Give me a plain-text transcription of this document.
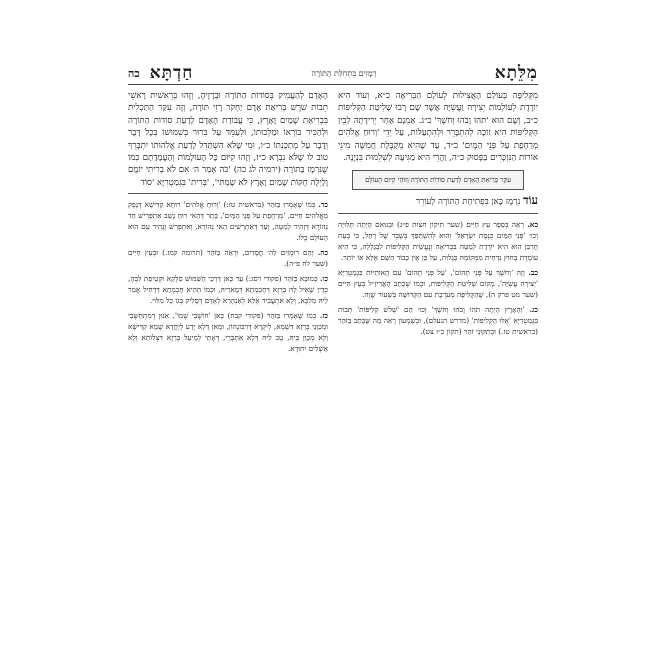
מִלֵּתָא
רְמָזִים בִּתְחִלַּת הַתּוֹרָה
חַדְתָּא
כה

מִקְּלִיפָּה בְּעוֹלַם הָאֲצִילוּת לְעוֹלַם הַבְּרִיאָה כ״א, וְעוֹד הִיא יוֹרֶדֶת לְעוֹלְמוֹת יְצִירָה וַעֲשִׂיָּה אֲשֶׁר שָׁם רָבוּ שְׁלִיטַת הַקְּלִיפּוֹת כ״ב, וְשָׁם הוּא 'תֹהוּ וָבֹהוּ וְחֹשֶׁךְ' כ״ג. אַמְנָם אַחַר יְרִידָתָהּ לְבֵין הַקְּלִיפּוֹת הִיא זוֹכָה לְהִתְבָּרֵר וּלְהִתְעַלּוֹת, עַל יְדֵי 'וְרוּחַ אֱלֹהִים מְרַחֶפֶת עַל פְּנֵי הַמָּיִם' כ״ד, עַד שֶׁהִיא מְקַבֶּלֶת חֲמִשָּׁה מִינֵי אוֹרוֹת הַנִּזְכָּרִים בַּפָּסוּק כ״ה, וַהֲרֵי הִיא מַגִּיעָה לְשְׁלֵמוּת בִּנְיָנָהּ.

עִקַּר בְּרִיאַת הָאָדָם לָדַעַת סוֹדוֹת הַתּוֹרָה וְזוֹהִי קִיּוּם הָעוֹלָם

עוֹד נִרְמָז כָּאן בִּפְתִיחַת הַתּוֹרָה לְעוֹרֵר

כא. רָאֵה בְּסֵפֶר עֵץ חַיִּים (שער תיקון חצות פ״ג) וּבְגוּאִם הָיְתָה תְּלוּיָה וְכוּ׳ 'פְּנֵי הַמַּיִם כְּנֶסֶת יִשְׂרָאֵל' וְהוּא לְהִשְׁתַּפֵּךְ בְּשֶׁבֶר שֶׁל רָחֵל, כִּי בְּעֵת חֻרְבַּן הוּא הִיא יוֹרֶדֶת לְמַטָּה בִּבְרִיאָה וְנֶעֱשֵׂית הַקְּלִיפּוֹת לִבְגָלָלָה, כִּי הִיא עוֹמֶדֶת בְּחוּץ נִדְחֵית מִמְּקוֹמָהּ בְּגָלוּת, עַל כֵּן אֵין כָּבוֹד הַשֵּׁם אֶלָּא אוֹ יוֹתֵר.
כב. וְזֶה 'וְחֹשֶׁךְ עַל פְּנֵי תְהוֹם', 'עַל פְּנֵי תְהוֹם' עִם הָאוֹתִיּוֹת בִּגְמַטְרִיָּא 'יְצִירָה עֲשִׂיָּה', מָקוֹם שְׁלִיטַת הַקְּלִיפּוֹת, וּכְמוֹ שֶׁכָּתַב הָאֲרִיזַ״ל בְּעֵץ חַיִּים (שער מט פרק ה), שֶׁהַקְּלִיפָּה מְעֹרֶבֶת עִם הַקְּדוּשָּׁה בְּשִׁעוּר שָׁוֶה.
כג. 'וְהָאָרֶץ הָיְתָה תֹהוּ וָבֹהוּ וְחֹשֶׁךְ' וְכוּ׳ הֵם 'שְׁלֹשׁ קְלִיפּוֹת' תְּבוּת בִּגְמַטְרִיָּא 'אֵלּוּ הַקְּלִיפּוֹת' (מדרש הנעלם), וּבְשִׁמְעוֹן רָאֵה מַה שֶּׁכָּתַב בַּזֹּהַר (בראשית טז.) וּבְתִקּוּנֵי זֹהַר (תקון כ״ו צט).

הָאָדָם לְהַעֲמִיק בְּסוֹדוֹת הַתּוֹרָה וּבְרָזֶיהָ, וְזֶהוּ בְּרֵאשִׁית רָאשֵׁי תֵבוֹת שֹׁרֶשׁ בְּרִיאַת אָדָם יַחְקֹר רָזֵי תּוֹרָה, וְזֶה עִקַּר הַתַּכְלִית בִּבְרִיאַת שָׁמַיִם וָאָרֶץ, כִּי עֲבוֹדַת הָאָדָם לָדַעַת סוֹדוֹת הַתּוֹרָה וּלְהַכִּיר בּוֹרְאוֹ וּמַלְכוּתוֹ, וּלְעַמֵּד עַל בִּרוּר בְּשִׁמוּשׁוֹ בְּכָל דָּבָר וְדָבָר עַל מְתַכֻּנְתּוֹ כ״ו, וּמִי שֶׁלֹּא הִשְׁתַּדֵּל לָדַעַת אֱלֹהוּתוֹ יִתְבָּרֵךְ טוֹב לוֹ שֶׁלֹּא נִבְרָא כ״ז, וְזֶהוּ קִיּוּם כָּל הָעוֹלָמוֹת וְהַעֲמָדָתָם כְּמוֹ שֶׁנִּרְמָז בַּתּוֹרָה (ירמיה לג כה) 'כֹּה אָמַר ה׳ אִם לֹא בְרִיתִי יוֹמָם וָלָיְלָה חֻקּוֹת שָׁמַיִם וָאָרֶץ לֹא שָׂמְתִּי', 'בְּרִית' בִּגְמַטְרִיָּא 'סוֹד

כד. כְּמוֹ שֶׁאָמְרוּ בַּזֹּהַר (בראשית טז:) 'וְרוּחַ אֱלֹהִים' רוּחָא קַדִּישָׁא דְּנָפֵק מֵאֱלֹהִים חַיִּים, 'מְרַחֶפֶת עַל פְּנֵי הַמָּיִם', בָּתַר דְּהַאי רוּחַ נָשַׁב אִתְפְּרִישׁ חַד נְהוֹרָא דְּזָהִיר לְמַטָּה, וְעַד דְּאִתְרְשִׁים הַאי נְהוֹרָא, וְאִתְפְּרִשׁ וְנָהִיר עִם הוּא הָעוֹלָם כֻּלּוֹ.
כה. וְהֵם רוּמְזִים לַה׳ חֲסָדִים, וּרְאֵה בַּזֹּהַר (תרומה קמז.) וּבְעֵץ חַיִּים (שער לח פ״ה).
כו. כְּמוּבָא בַּזֹּהַר (פקודי רסג:) עַד כָּאן דַּרְכֵּי הַשִּׁמּוּשׁ סִלְקָא וּקְטִיפַת לִבְּהָ, כְּדֵין שָׁאִיל לָהּ בְּרָזָא דְּחָכְמְתָא דְּמָארֵיהּ, וּכְמוֹ הַהִיא חָכְמְתָא דְּדָחִיל אֲמַר לֵיהּ מַלְכָּא, וְלָא אִתְעֲבִיד אֶלָּא לְאַנְהָרָא לְאָדָם דְּסָלִיק בְּגוֹ כָּל מִלּוֹי.
כז. כְּמוֹ שֶׁאָמְרוּ בַּזֹּהַר (פקודי קבח) כָּאן 'חוֹשְׁבֵי שְׁמוֹ', אִנּוּן דְּמִתְחַשְּׁבֵי וּמְכַוְּנֵי בְּרָזָא דִּשְׁמָא, לְיִקְרָא דְּרִבּוֹנְהוֹן, וּמַאן דְּלָא יָדַע לְיַחֲדָא שְׁמָא קַדִּישָׁא וְלָא מְכַוֵּן בֵּיהּ, טָב לֵיהּ דְּלָא אִתְבְּרֵי, דְּאָתֵי לְמֵיעַל בְּרָזָא דִּצְלוֹתָא וְלָא אֵשְׁלִים יִחוּדָא.
